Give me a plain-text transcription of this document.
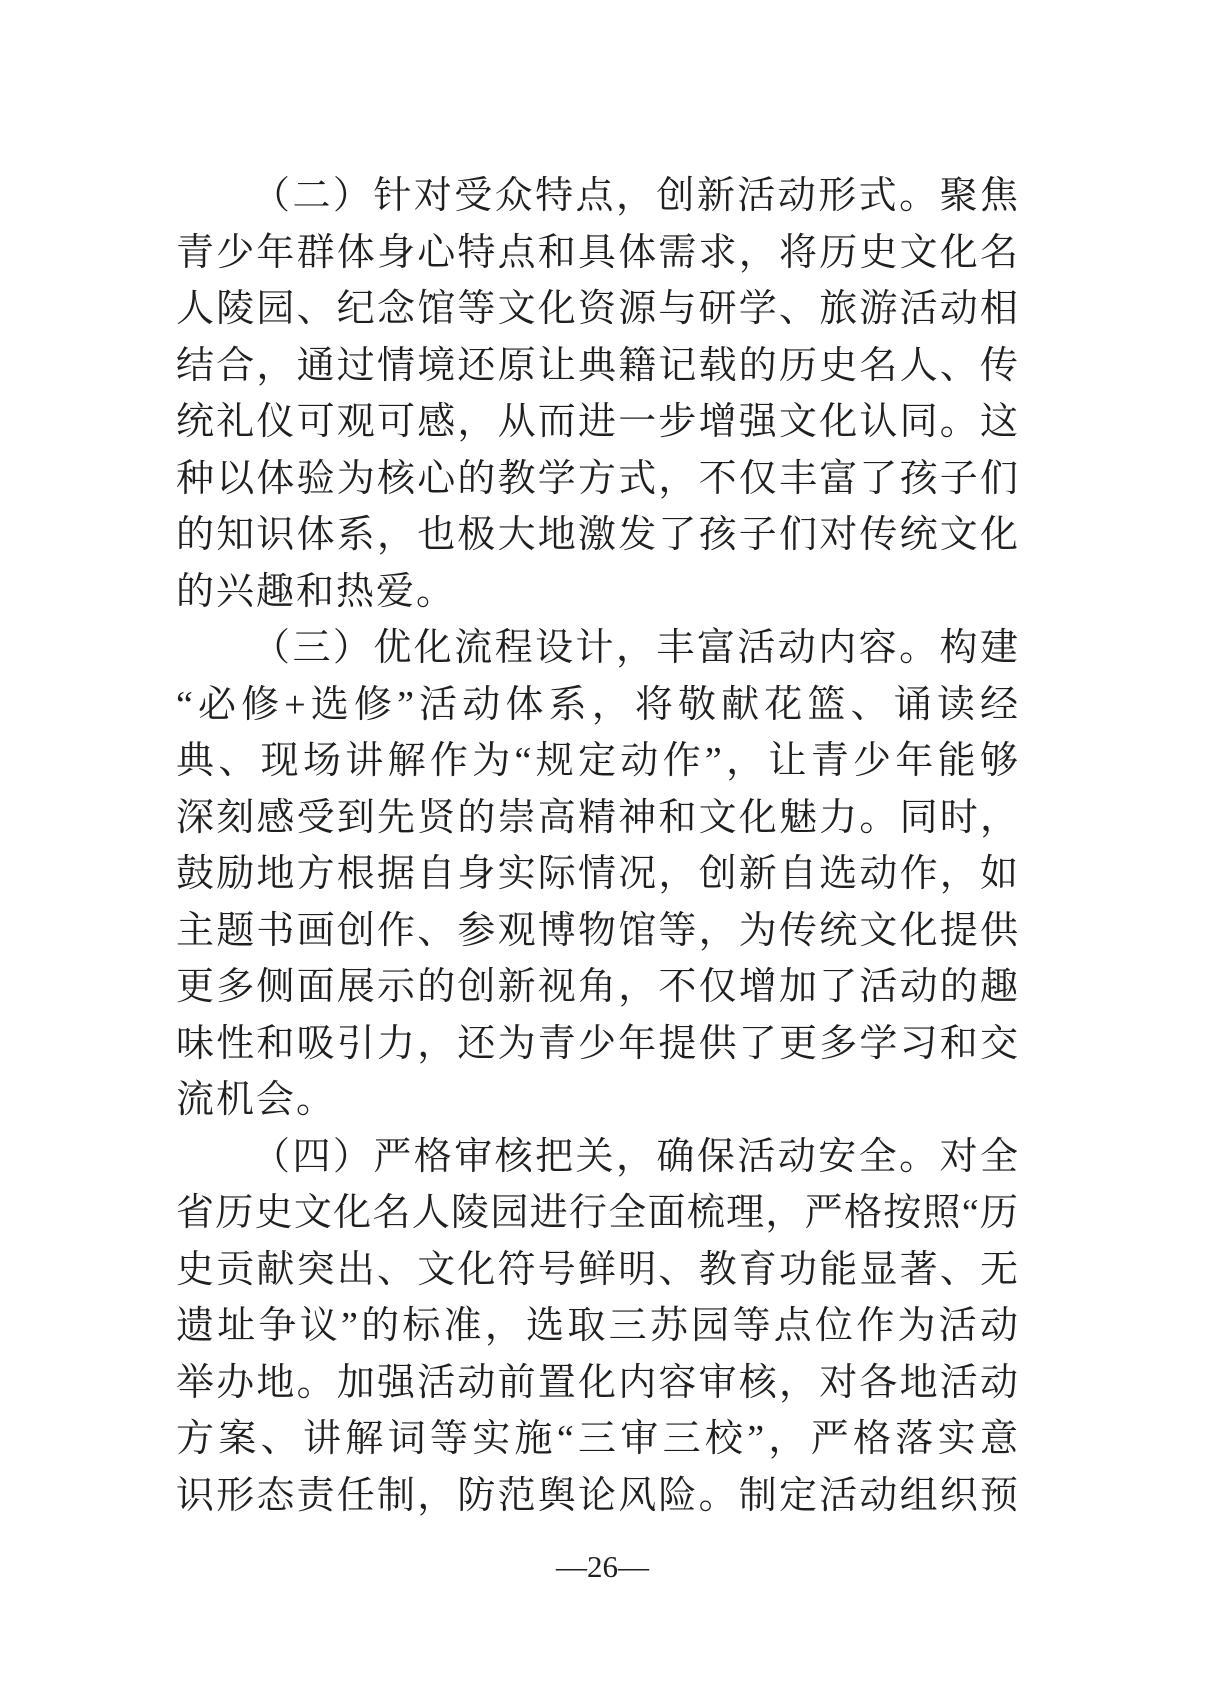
（二）针对受众特点，创新活动形式。聚焦
青少年群体身心特点和具体需求，将历史文化名
人陵园、纪念馆等文化资源与研学、旅游活动相
结合，通过情境还原让典籍记载的历史名人、传
统礼仪可观可感，从而进一步增强文化认同。这
种以体验为核心的教学方式，不仅丰富了孩子们
的知识体系，也极大地激发了孩子们对传统文化
的兴趣和热爱。
（三）优化流程设计，丰富活动内容。构建
“必修+选修”活动体系，将敬献花篮、诵读经
典、现场讲解作为“规定动作”，让青少年能够
深刻感受到先贤的崇高精神和文化魅力。同时，
鼓励地方根据自身实际情况，创新自选动作，如
主题书画创作、参观博物馆等，为传统文化提供
更多侧面展示的创新视角，不仅增加了活动的趣
味性和吸引力，还为青少年提供了更多学习和交
流机会。
（四）严格审核把关，确保活动安全。对全
省历史文化名人陵园进行全面梳理，严格按照“历
史贡献突出、文化符号鲜明、教育功能显著、无
遗址争议”的标准，选取三苏园等点位作为活动
举办地。加强活动前置化内容审核，对各地活动
方案、讲解词等实施“三审三校”，严格落实意
识形态责任制，防范舆论风险。制定活动组织预
—26—
